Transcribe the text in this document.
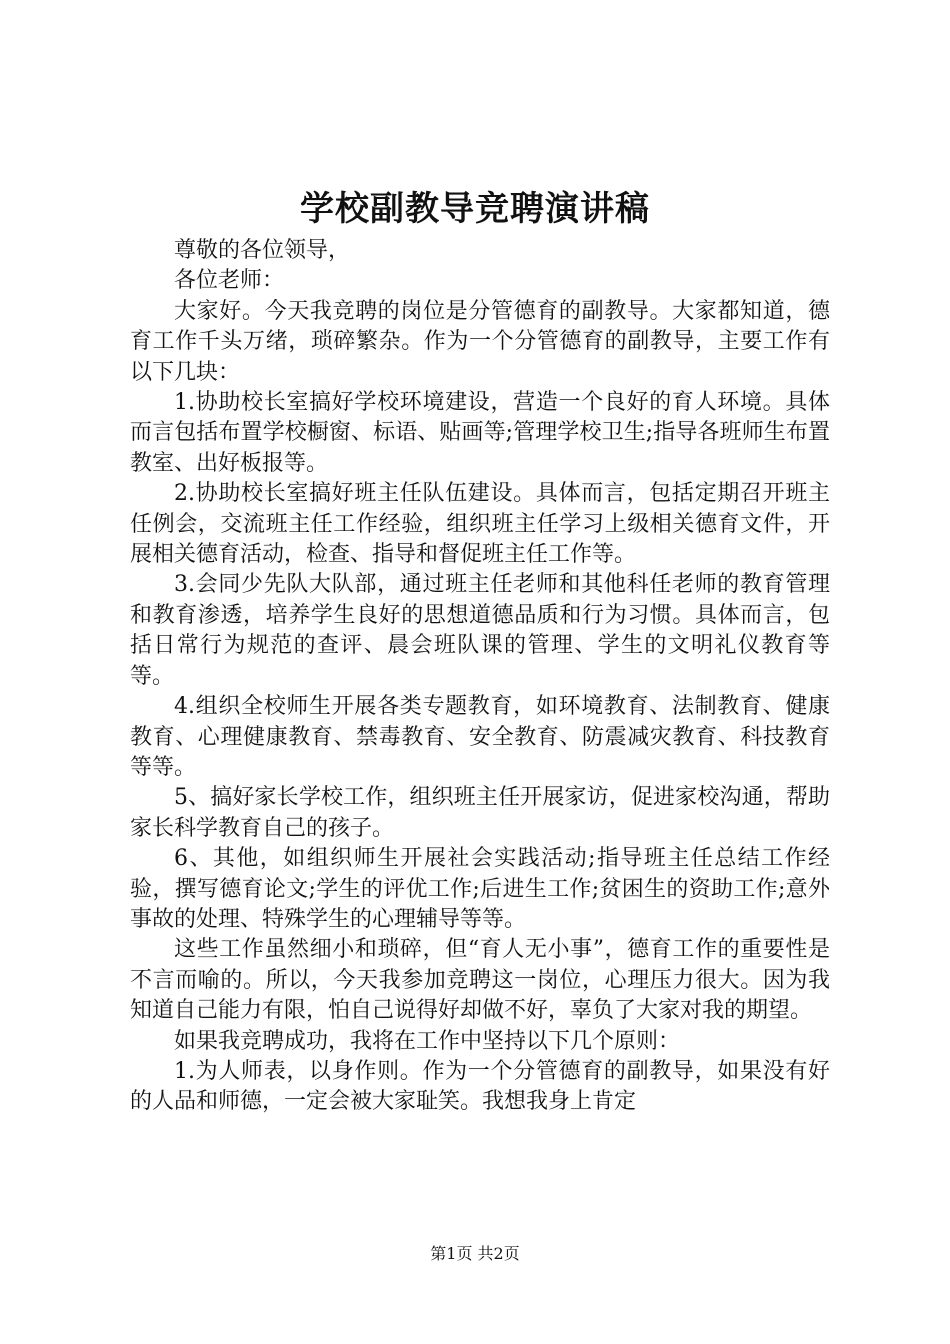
学校副教导竞聘演讲稿

尊敬的各位领导，

各位老师：

大家好。今天我竞聘的岗位是分管德育的副教导。大家都知道，德育工作千头万绪，琐碎繁杂。作为一个分管德育的副教导，主要工作有以下几块：

1.协助校长室搞好学校环境建设，营造一个良好的育人环境。具体而言包括布置学校橱窗、标语、贴画等;管理学校卫生;指导各班师生布置教室、出好板报等。

2.协助校长室搞好班主任队伍建设。具体而言，包括定期召开班主任例会，交流班主任工作经验，组织班主任学习上级相关德育文件，开展相关德育活动，检查、指导和督促班主任工作等。

3.会同少先队大队部，通过班主任老师和其他科任老师的教育管理和教育渗透，培养学生良好的思想道德品质和行为习惯。具体而言，包括日常行为规范的查评、晨会班队课的管理、学生的文明礼仪教育等等。

4.组织全校师生开展各类专题教育，如环境教育、法制教育、健康教育、心理健康教育、禁毒教育、安全教育、防震减灾教育、科技教育等等。

5、搞好家长学校工作，组织班主任开展家访，促进家校沟通，帮助家长科学教育自己的孩子。

6、其他，如组织师生开展社会实践活动;指导班主任总结工作经验，撰写德育论文;学生的评优工作;后进生工作;贫困生的资助工作;意外事故的处理、特殊学生的心理辅导等等。

这些工作虽然细小和琐碎，但“育人无小事”，德育工作的重要性是不言而喻的。所以，今天我参加竞聘这一岗位，心理压力很大。因为我知道自己能力有限，怕自己说得好却做不好，辜负了大家对我的期望。

如果我竞聘成功，我将在工作中坚持以下几个原则：

1.为人师表，以身作则。作为一个分管德育的副教导，如果没有好的人品和师德，一定会被大家耻笑。我想我身上肯定

第1页 共2页
